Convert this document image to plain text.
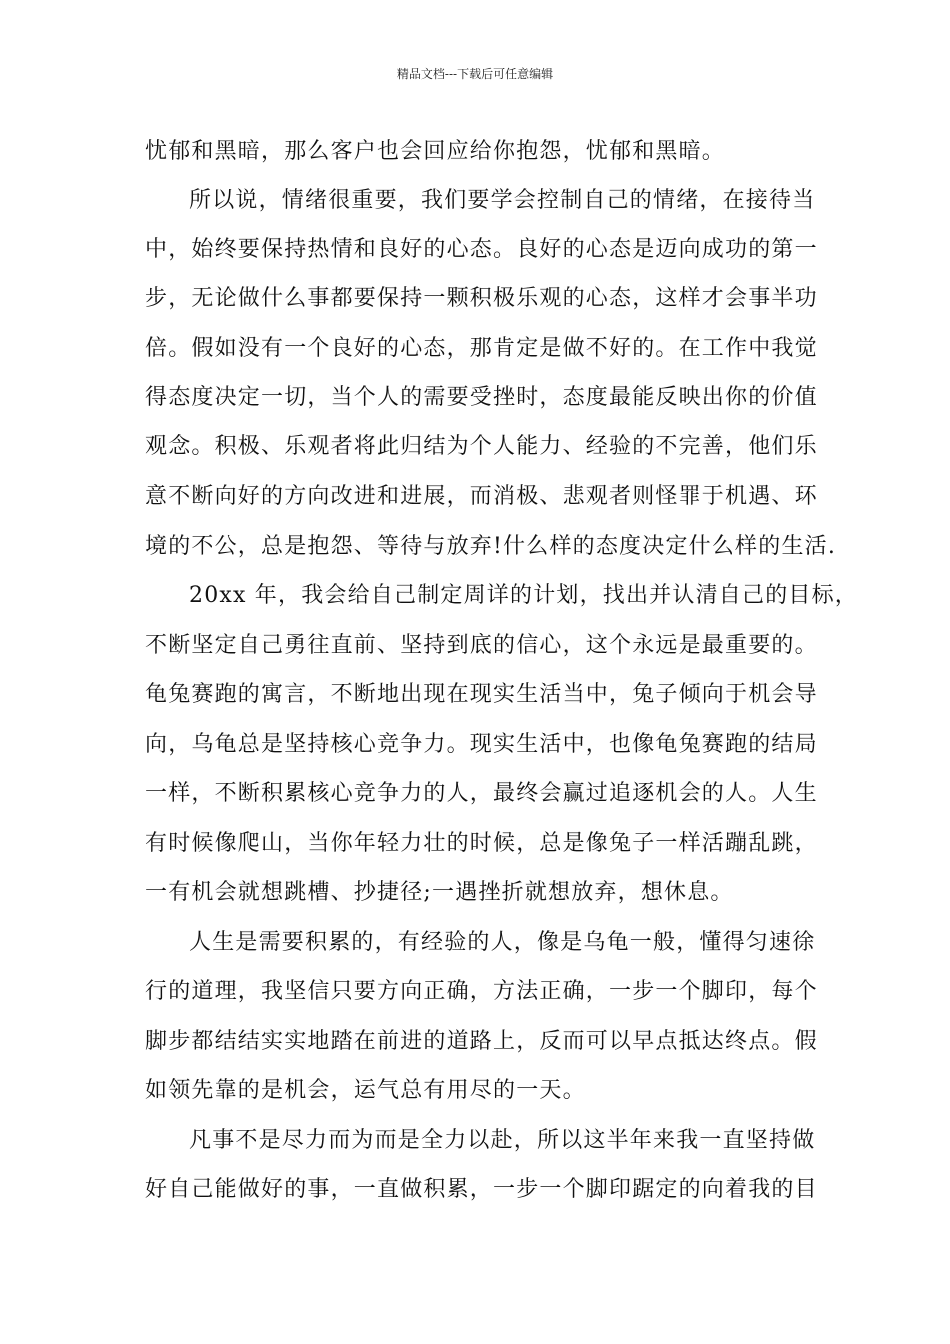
精品文档---下载后可任意编辑
忧郁和黑暗，那么客户也会回应给你抱怨，忧郁和黑暗。
所以说，情绪很重要，我们要学会控制自己的情绪，在接待当
中，始终要保持热情和良好的心态。良好的心态是迈向成功的第一
步，无论做什么事都要保持一颗积极乐观的心态，这样才会事半功
倍。假如没有一个良好的心态，那肯定是做不好的。在工作中我觉
得态度决定一切，当个人的需要受挫时，态度最能反映出你的价值
观念。积极、乐观者将此归结为个人能力、经验的不完善，他们乐
意不断向好的方向改进和进展，而消极、悲观者则怪罪于机遇、环
境的不公，总是抱怨、等待与放弃!什么样的态度决定什么样的生活.
20xx 年，我会给自己制定周详的计划，找出并认清自己的目标，
不断坚定自己勇往直前、坚持到底的信心，这个永远是最重要的。
龟兔赛跑的寓言，不断地出现在现实生活当中，兔子倾向于机会导
向，乌龟总是坚持核心竞争力。现实生活中，也像龟兔赛跑的结局
一样，不断积累核心竞争力的人，最终会赢过追逐机会的人。人生
有时候像爬山，当你年轻力壮的时候，总是像兔子一样活蹦乱跳，
一有机会就想跳槽、抄捷径;一遇挫折就想放弃，想休息。
人生是需要积累的，有经验的人，像是乌龟一般，懂得匀速徐
行的道理，我坚信只要方向正确，方法正确，一步一个脚印，每个
脚步都结结实实地踏在前进的道路上，反而可以早点抵达终点。假
如领先靠的是机会，运气总有用尽的一天。
凡事不是尽力而为而是全力以赴，所以这半年来我一直坚持做
好自己能做好的事，一直做积累，一步一个脚印踞定的向着我的目
